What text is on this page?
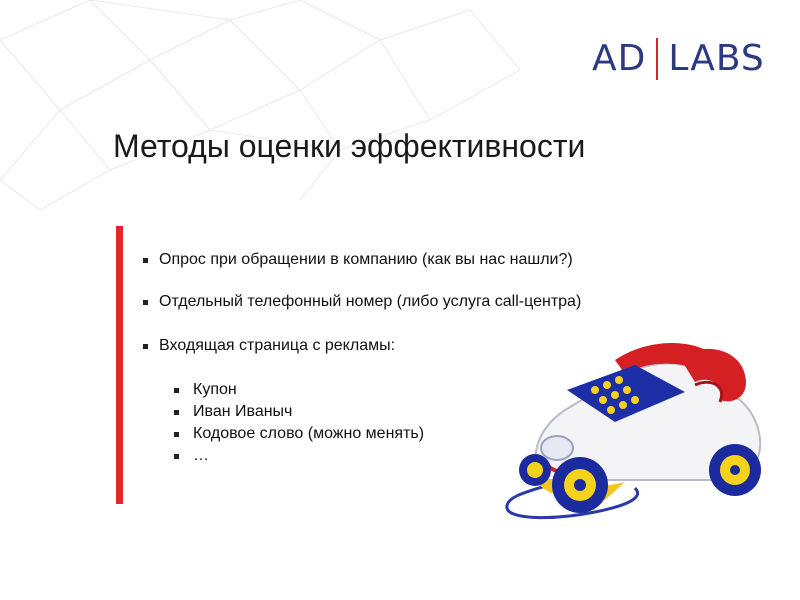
AD LABS
Методы оценки эффективности
Опрос при обращении в компанию (как вы нас нашли?)
Отдельный телефонный номер (либо услуга call-центра)
Входящая страница с рекламы:
Купон
Иван Иваныч
Кодовое слово (можно менять)
…
